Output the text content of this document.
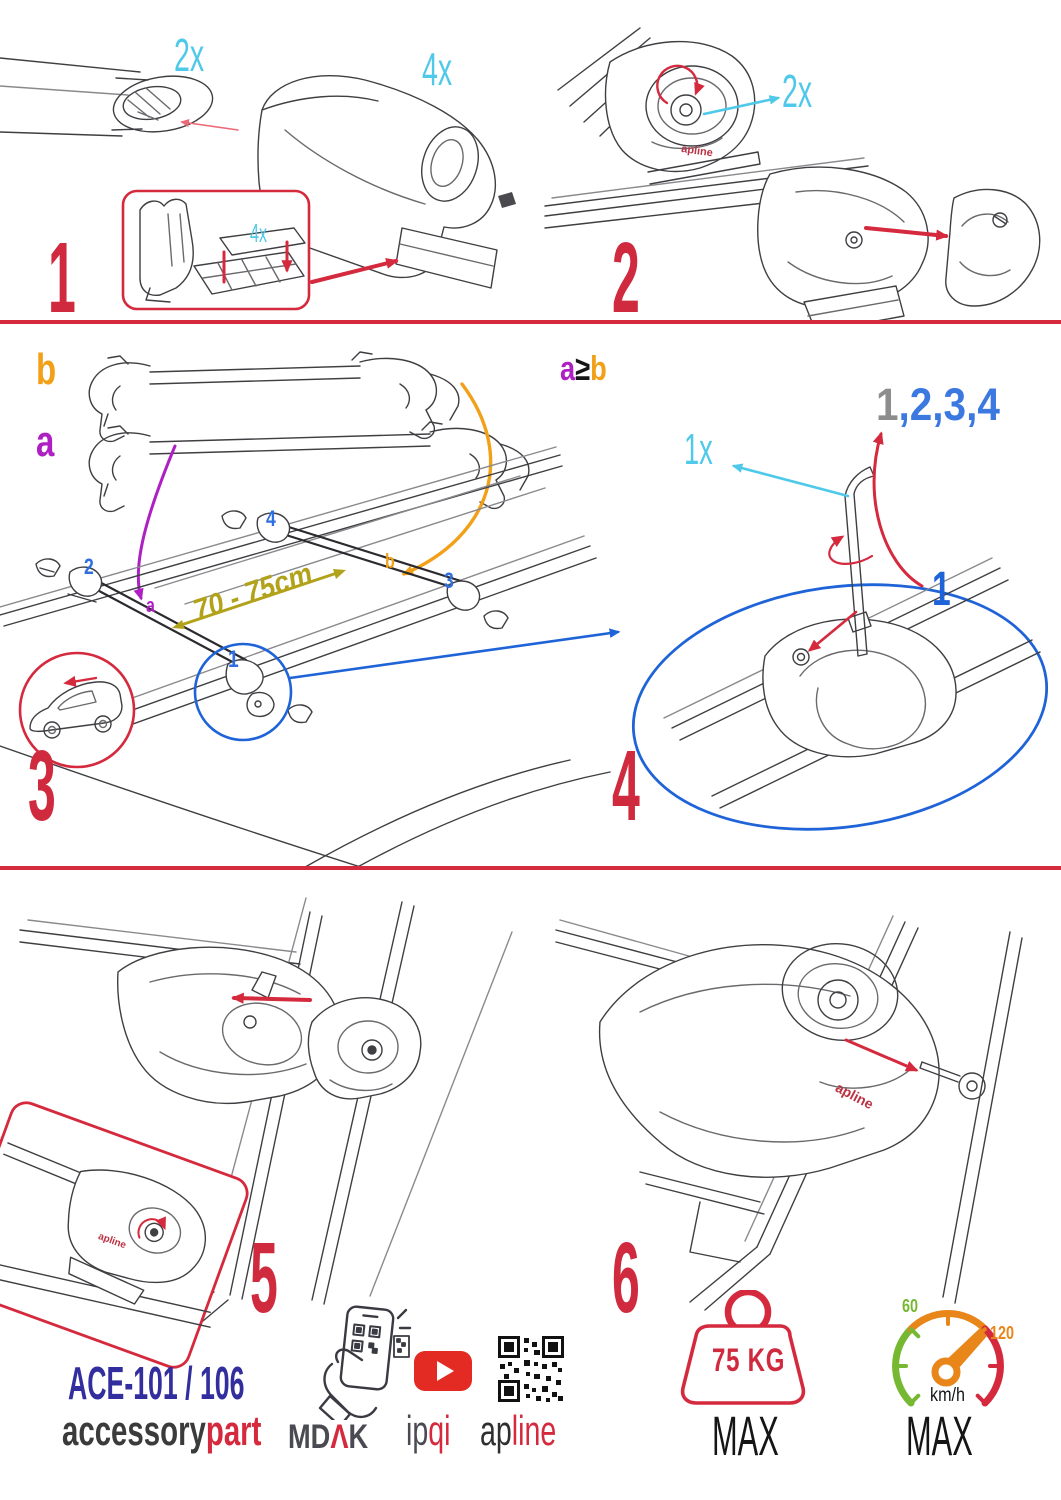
1	2
3	4
5	6
2x	4x
4x
2x
1x
b
a
2
4
3
1
a
b
70 - 75cm
a≥b
1,2,3,4
1
apline
apline
apline
ACE-101 / 106
accessorypart MDΛK ipqi apline
75 KG
MAX
60
120
km/h
MAX
